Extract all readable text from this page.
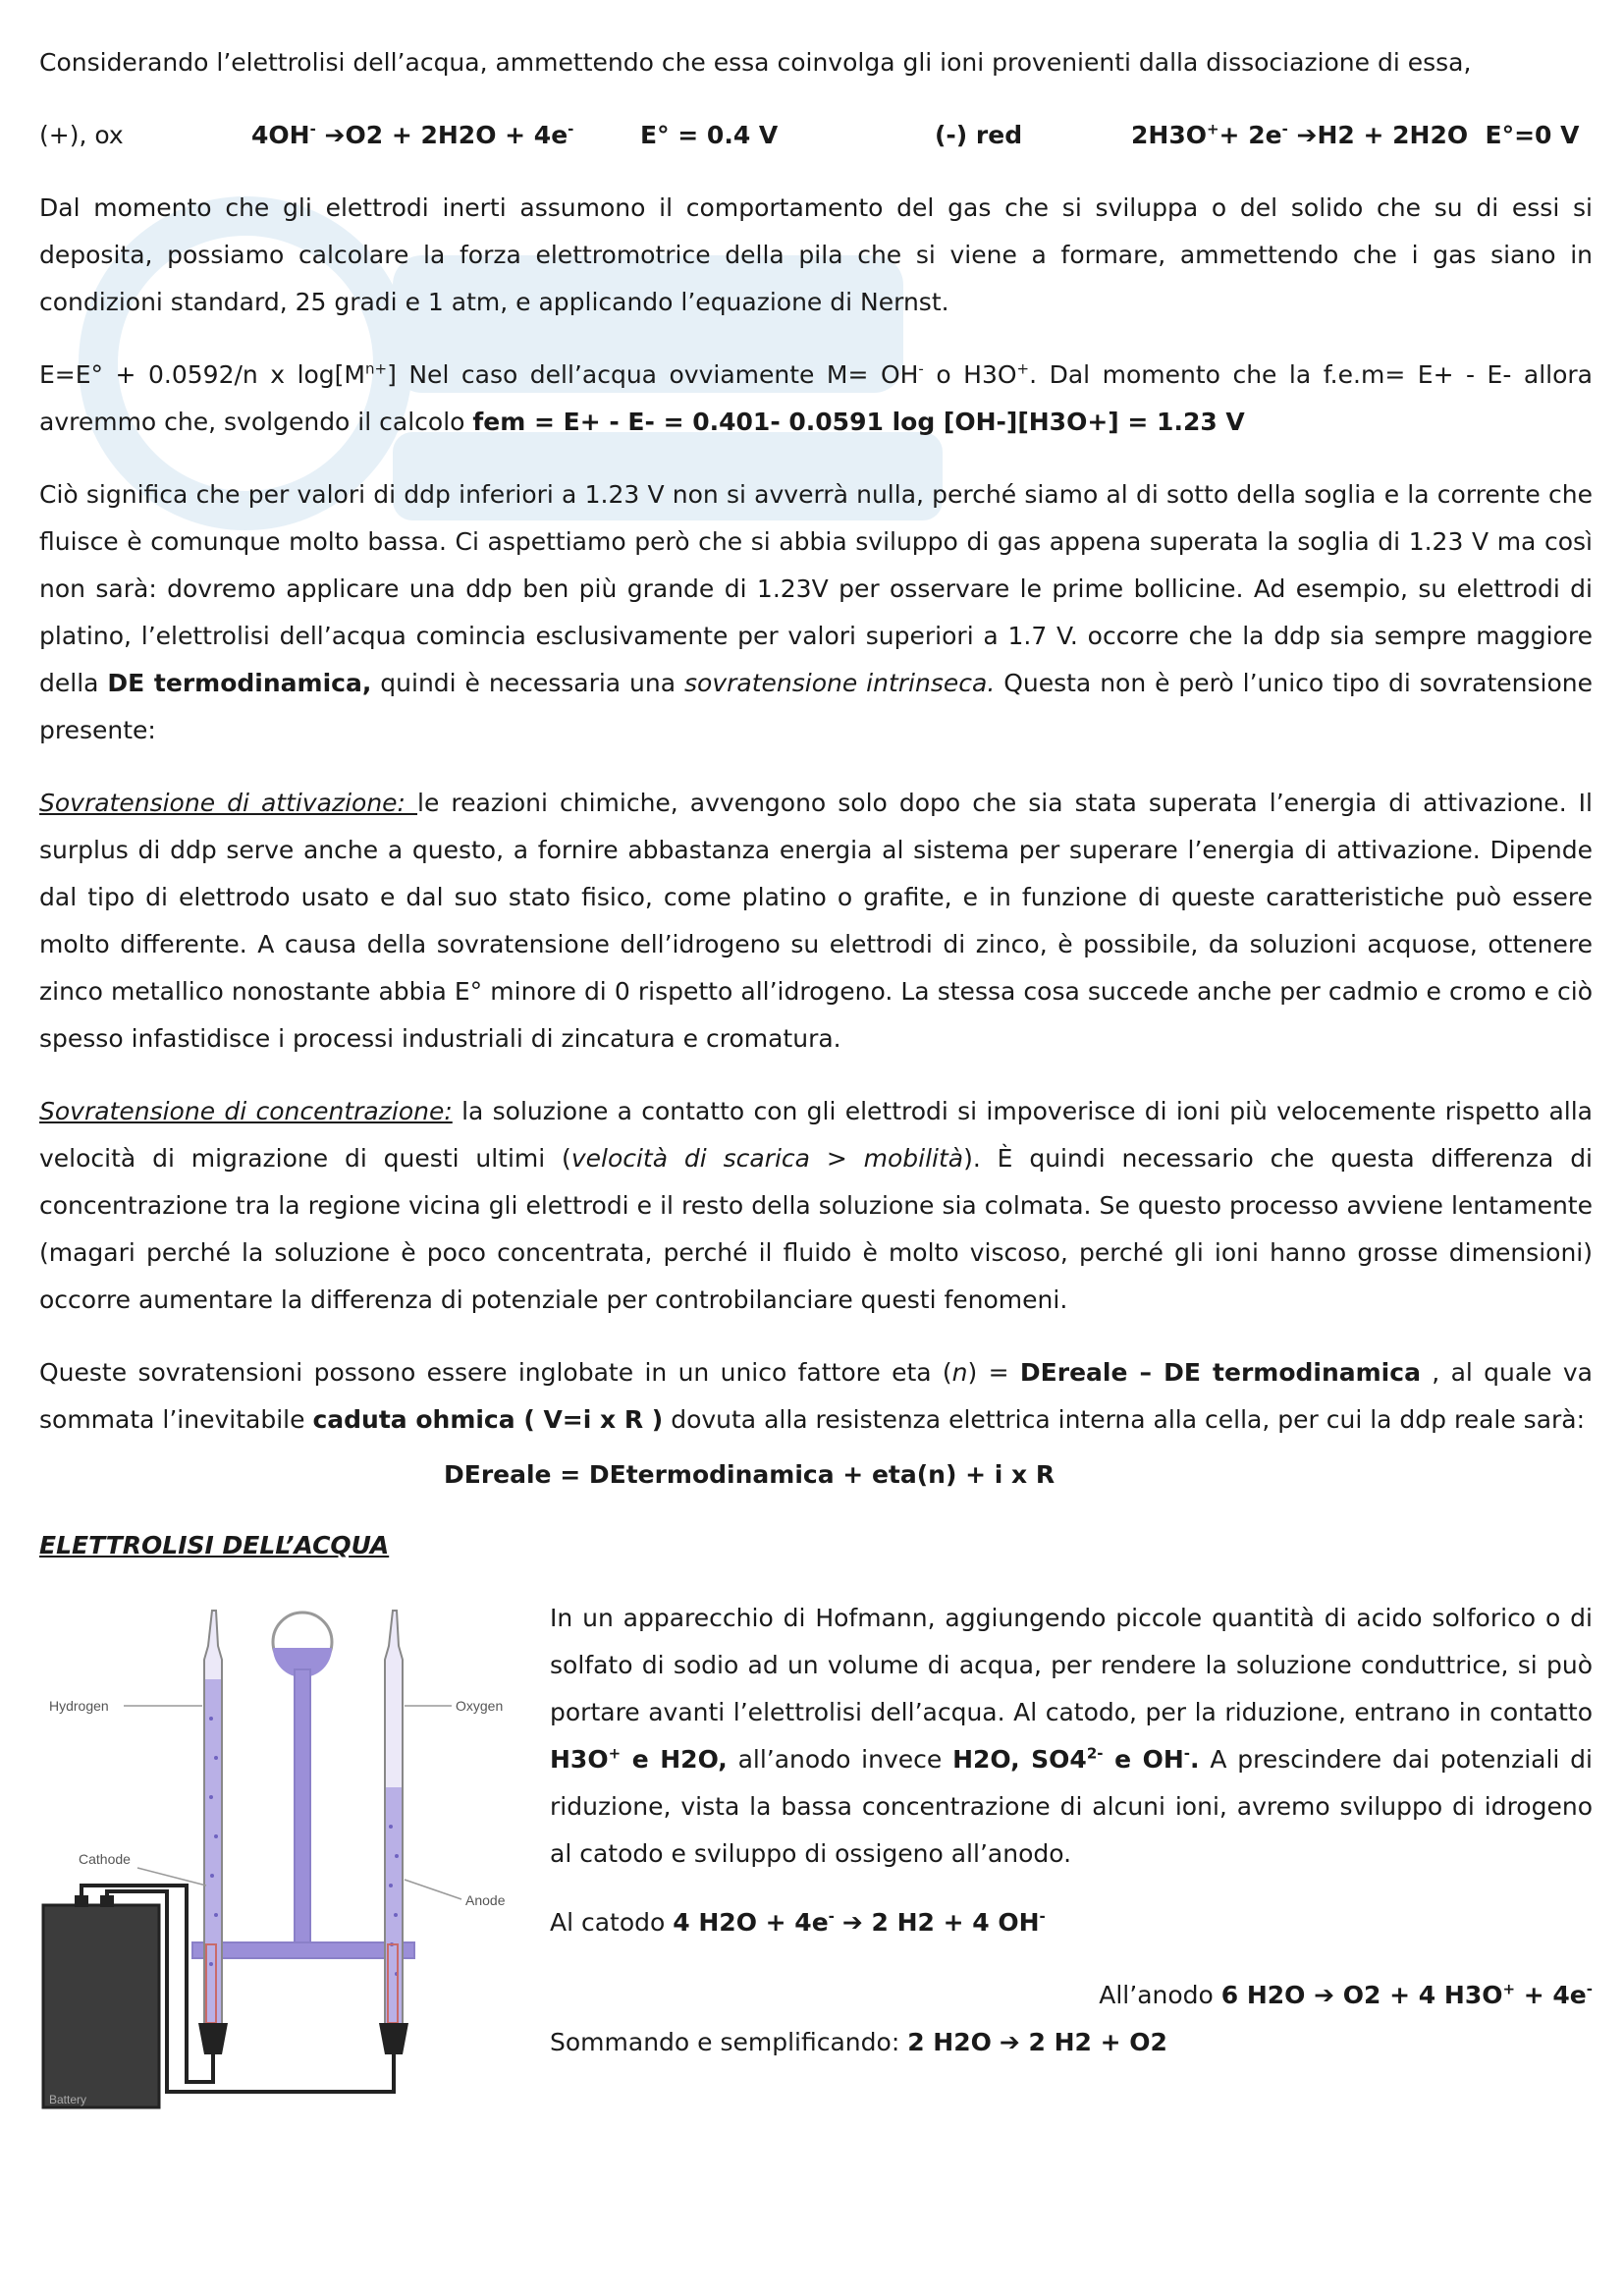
Considerando l’elettrolisi dell’acqua, ammettendo che essa coinvolga gli ioni provenienti dalla dissociazione di essa,

(+), ox	4OH- ➔O2 + 2H2O + 4e-	E° = 0.4 V	(-) red	2H3O++ 2e- ➔H2 + 2H2O E°=0 V

Dal momento che gli elettrodi inerti assumono il comportamento del gas che si sviluppa o del solido che su di essi si deposita, possiamo calcolare la forza elettromotrice della pila che si viene a formare, ammettendo che i gas siano in condizioni standard, 25 gradi e 1 atm, e applicando l’equazione di Nernst.

E=E° + 0.0592/n x $\log[M^{n+}]$ Nel caso dell’acqua ovviamente M= OH- o H3O+. Dal momento che la f.e.m= E+ - E- allora avremmo che, svolgendo il calcolo fem = E+ - E- = 0.401- 0.0591 log [OH-][H3O+] = 1.23 V

Ciò significa che per valori di ddp inferiori a 1.23 V non si avverrà nulla, perché siamo al di sotto della soglia e la corrente che fluisce è comunque molto bassa. Ci aspettiamo però che si abbia sviluppo di gas appena superata la soglia di 1.23 V ma così non sarà: dovremo applicare una ddp ben più grande di 1.23V per osservare le prime bollicine. Ad esempio, su elettrodi di platino, l’elettrolisi dell’acqua comincia esclusivamente per valori superiori a 1.7 V. occorre che la ddp sia sempre maggiore della DE termodinamica, quindi è necessaria una sovratensione intrinseca. Questa non è però l’unico tipo di sovratensione presente:

Sovratensione di attivazione: le reazioni chimiche, avvengono solo dopo che sia stata superata l’energia di attivazione. Il surplus di ddp serve anche a questo, a fornire abbastanza energia al sistema per superare l’energia di attivazione. Dipende dal tipo di elettrodo usato e dal suo stato fisico, come platino o grafite, e in funzione di queste caratteristiche può essere molto differente. A causa della sovratensione dell’idrogeno su elettrodi di zinco, è possibile, da soluzioni acquose, ottenere zinco metallico nonostante abbia E° minore di 0 rispetto all’idrogeno. La stessa cosa succede anche per cadmio e cromo e ciò spesso infastidisce i processi industriali di zincatura e cromatura.

Sovratensione di concentrazione: la soluzione a contatto con gli elettrodi si impoverisce di ioni più velocemente rispetto alla velocità di migrazione di questi ultimi (velocità di scarica > mobilità). È quindi necessario che questa differenza di concentrazione tra la regione vicina gli elettrodi e il resto della soluzione sia colmata. Se questo processo avviene lentamente (magari perché la soluzione è poco concentrata, perché il fluido è molto viscoso, perché gli ioni hanno grosse dimensioni) occorre aumentare la differenza di potenziale per controbilanciare questi fenomeni.

Queste sovratensioni possono essere inglobate in un unico fattore eta (n) = DEreale – DE termodinamica , al quale va sommata l’inevitabile caduta ohmica ( V=i x R ) dovuta alla resistenza elettrica interna alla cella, per cui la ddp reale sarà:

DEreale = DEtermodinamica + eta(n) + i x R
ELETTROLISI DELL’ACQUA

Hydrogen	Oxygen
Cathode
Anode
Battery

In un apparecchio di Hofmann, aggiungendo piccole quantità di acido solforico o di solfato di sodio ad un volume di acqua, per rendere la soluzione conduttrice, si può portare avanti l’elettrolisi dell’acqua. Al catodo, per la riduzione, entrano in contatto H3O+ e H2O, all’anodo invece H2O, $SO4^{2-}$ e OH-. A prescindere dai potenziali di riduzione, vista la bassa concentrazione di alcuni ioni, avremo sviluppo di idrogeno al catodo e sviluppo di ossigeno all’anodo.

Al catodo 4 H2O + 4e- ➔ 2 H2 + 4 OH-

All’anodo 6 H2O ➔ O2 + 4 H3O+ + 4e-

Sommando e semplificando: 2 H2O ➔ 2 H2 + O2
